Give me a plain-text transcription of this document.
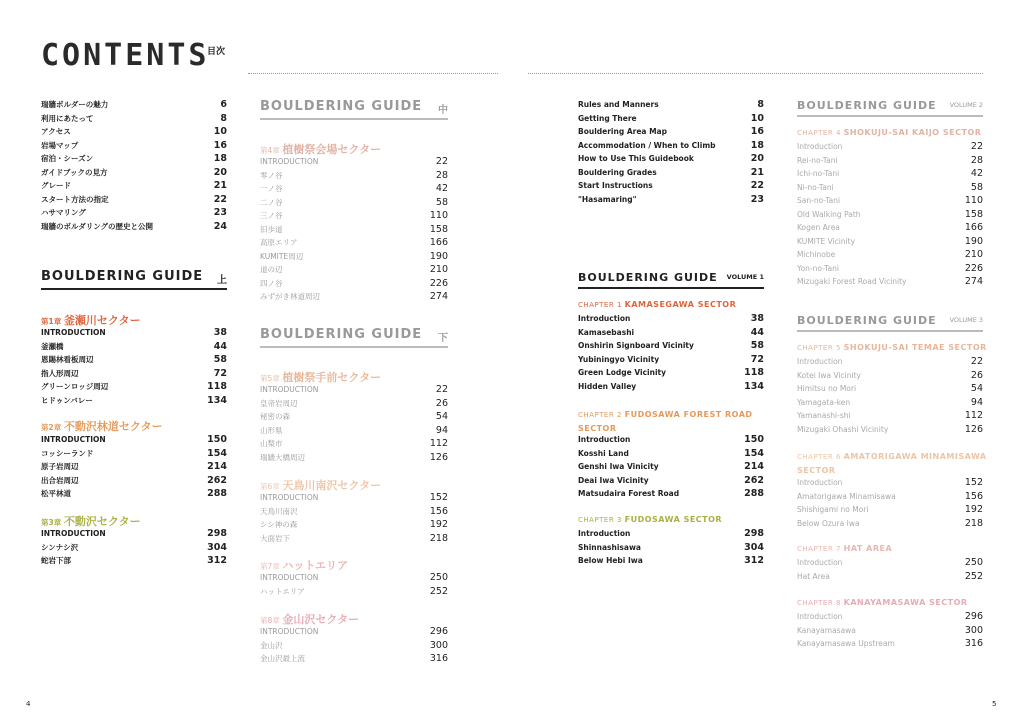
CONTENTS
目次
瑞牆ボルダーの魅力	6
利用にあたって	8
アクセス	10
岩場マップ	16
宿泊・シーズン	18
ガイドブックの見方	20
グレード	21
スタート方法の指定	22
ハサマリング	23
瑞牆のボルダリングの歴史と公開	24
BOULDERING GUIDE 上
第1章 釜瀬川セクター
INTRODUCTION	38
釜瀬橋	44
恩賜林看板周辺	58
指人形周辺	72
グリーンロッジ周辺	118
ヒドゥンバレー	134
第2章 不動沢林道セクター
INTRODUCTION	150
コッシーランド	154
原子岩周辺	214
出合岩周辺	262
松平林道	288
第3章 不動沢セクター
INTRODUCTION	298
シンナシ沢	304
蛇岩下部	312
BOULDERING GUIDE 中
第4章 植樹祭会場セクター
INTRODUCTION	22
零ノ谷	28
一ノ谷	42
二ノ谷	58
三ノ谷	110
旧歩道	158
高原エリア	166
KUMITE周辺	190
道の辺	210
四ノ谷	226
みずがき林道周辺	274
BOULDERING GUIDE 下
第5章 植樹祭手前セクター
INTRODUCTION	22
皇帝岩周辺	26
秘密の森	54
山形県	94
山梨市	112
瑞牆大橋周辺	126
第6章 天鳥川南沢セクター
INTRODUCTION	152
天鳥川南沢	156
シシ神の森	192
大面岩下	218
第7章 ハットエリア
INTRODUCTION	250
ハットエリア	252
第8章 金山沢セクター
INTRODUCTION	296
金山沢	300
金山沢最上流	316
Rules and Manners	8
Getting There	10
Bouldering Area Map	16
Accommodation / When to Climb	18
How to Use This Guidebook	20
Bouldering Grades	21
Start Instructions	22
"Hasamaring"	23
BOULDERING GUIDE VOLUME 1
CHAPTER 1 KAMASEGAWA SECTOR
Introduction	38
Kamasebashi	44
Onshirin Signboard Vicinity	58
Yubiningyo Vicinity	72
Green Lodge Vicinity	118
Hidden Valley	134
CHAPTER 2 FUDOSAWA FOREST ROAD
SECTOR
Introduction	150
Kosshi Land	154
Genshi Iwa Vinicity	214
Deai Iwa Vicinity	262
Matsudaira Forest Road	288
CHAPTER 3 FUDOSAWA SECTOR
Introduction	298
Shinnashisawa	304
Below Hebi Iwa	312
BOULDERING GUIDE VOLUME 2
CHAPTER 4 SHOKUJU-SAI KAIJO SECTOR
Introduction	22
Rei-no-Tani	28
Ichi-no-Tani	42
Ni-no-Tani	58
San-no-Tani	110
Old Walking Path	158
Kogen Area	166
KUMITE Vicinity	190
Michinobe	210
Yon-no-Tani	226
Mizugaki Forest Road Vicinity	274
BOULDERING GUIDE VOLUME 3
CHAPTER 5 SHOKUJU-SAI TEMAE SECTOR
Introduction	22
Kotei Iwa Vicinity	26
Himitsu no Mori	54
Yamagata-ken	94
Yamanashi-shi	112
Mizugaki Ohashi Vicinity	126
CHAPTER 6 AMATORIGAWA MINAMISAWA
SECTOR
Introduction	152
Amatorigawa Minamisawa	156
Shishigami no Mori	192
Below Ozura Iwa	218
CHAPTER 7 HAT AREA
Introduction	250
Hat Area	252
CHAPTER 8 KANAYAMASAWA SECTOR
Introduction	296
Kanayamasawa	300
Kanayamasawa Upstream	316
4	5
